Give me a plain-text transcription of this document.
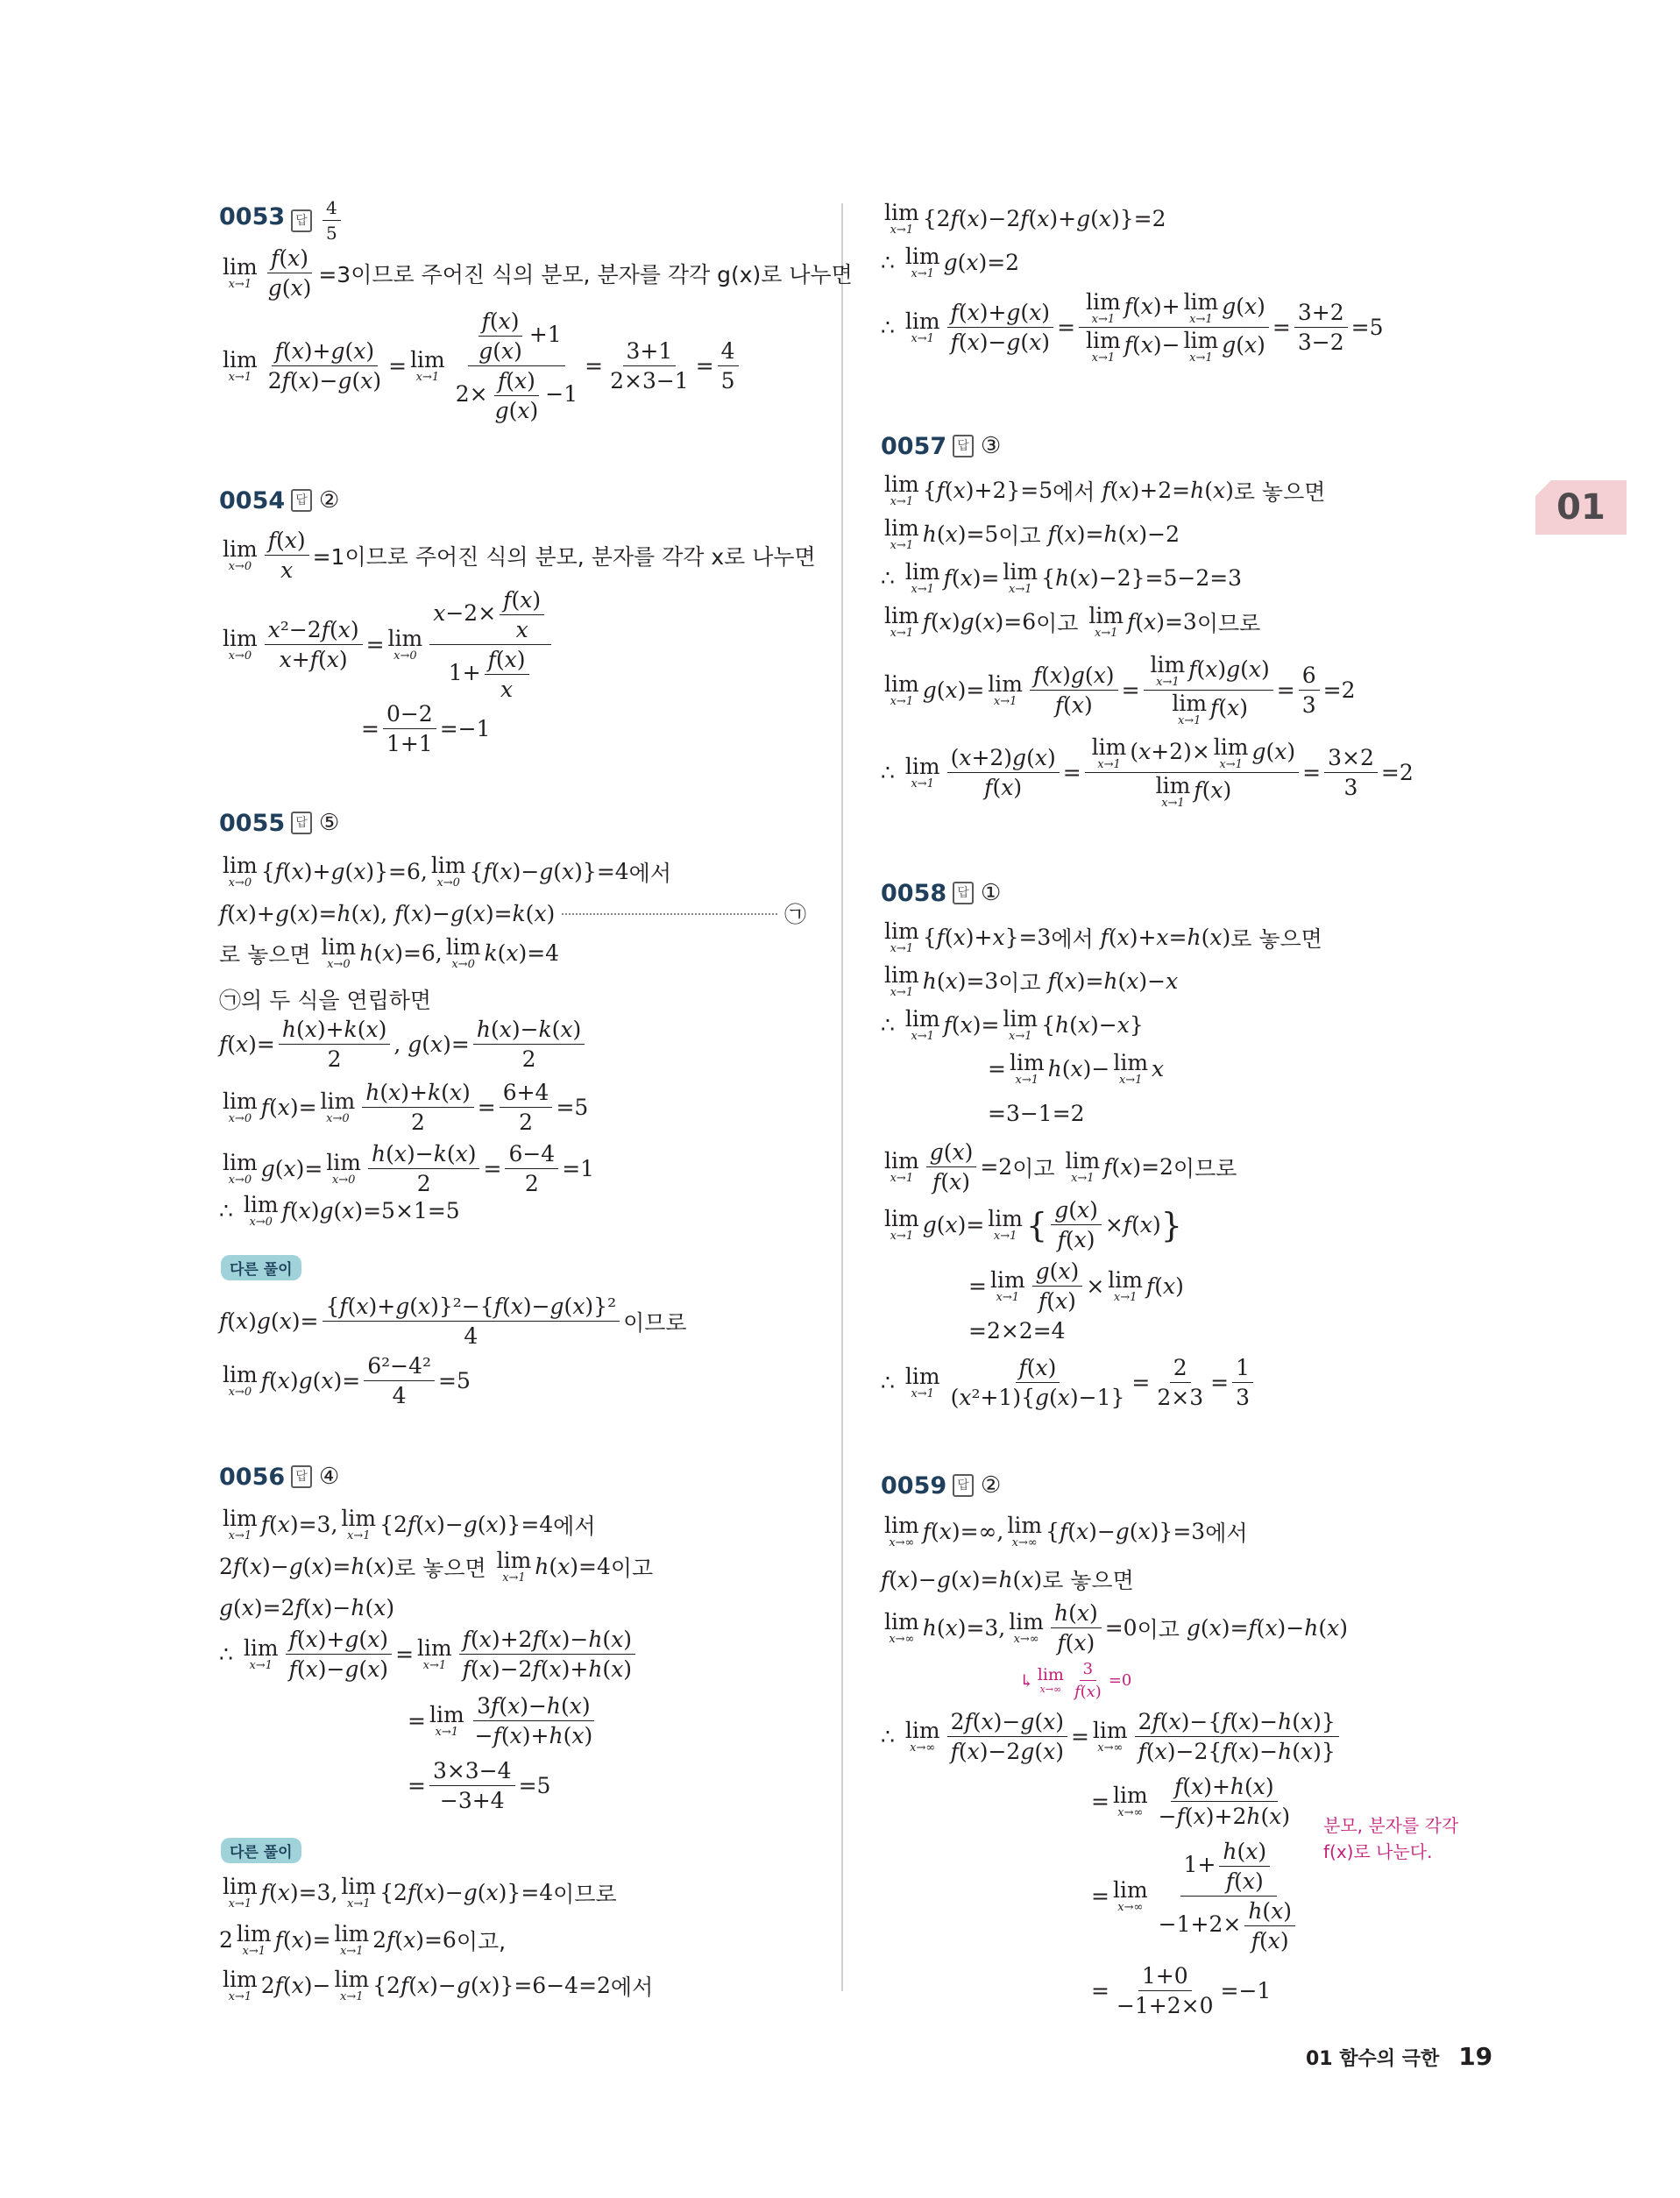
0053 답 $\frac{4}{5}$
lim
$x\to 1 \frac{f(x)}{g(x)} =3$이므로 주어진 식의 분모, 분자를 각각 g(x)로 나누면
lim
$x\to 1 \frac{f(x)+g(x)}{2f(x)-g(x)} = \lim$
$x\to 1 \frac{\frac{f(x)}{g(x)} +1}{2\times \frac{f(x)}{g(x)} -1} = \frac{3+1}{2\times 3-1} = \frac{4}{5}$
0054 답 ②
lim
$x\to 0 \frac{f(x)}{x} =1$이므로 주어진 식의 분모, 분자를 각각 x로 나누면
lim
$x\to 0 \frac{\text{x²−2f(x)}}{x+f(x)} = \lim$
$x\to 0 \frac{x-2\times \frac{f(x)}{x}}{1+ \frac{f(x)}{x}}$
= $\frac{0-2}{1+1} =-1$
0055 답 ⑤
lim
x→0 { f ( x )+ g ( x )}=6, lim
x→0 { f ( x )− g ( x )}=4 에서
f ( x )+ g ( x )= h ( x ), f ( x )− g ( x )= k ( x )	㉠
로 놓으면 lim
x→0 h ( x )=6, lim
x→0 k ( x )=4
㉠의 두 식을 연립하면
f ( x )= $\frac{h(x)+k(x)}{2}$ , g ( x )= $\frac{h(x)-k(x)}{2}$
lim
x→0 f ( x )= lim
$x\to 0 \frac{h(x)+k(x)}{2} = \frac{6+4}{2} =5$
lim
x→0 g ( x )= lim
$x\to 0 \frac{h(x)-k(x)}{2} = \frac{6-4}{2} =1$
∴ lim
x→0 f ( x ) g ( x )=5×1=5
다른 풀이
f ( x ) g ( x )= $\frac{\text{\{f(x)+g(x)\}²−\{f(x)−g(x)\}²}}{4}$ 이므로
lim
x→0 f ( x ) g ( x )= $\frac{\text{6²−4²}}{4} =5$
0056 답 ④
lim
x→1 f ( x )=3, lim
x→1 {2 f ( x )− g ( x )}=4 에서
2 f ( x )− g ( x )= h ( x ) 로 놓으면 lim
x→1 h ( x )=4 이고
g ( x )=2 f ( x )− h ( x )
∴ lim
$x\to 1 \frac{f(x)+g(x)}{f(x)-g(x)} = \lim$
$x\to 1 \frac{f(x)+2f(x)-h(x)}{f(x)-2f(x)+h(x)}$
= lim
$x\to 1 \frac{3f(x)-h(x)}{-f(x)+h(x)}$
= $\frac{3\times 3-4}{-3+4} =5$
다른 풀이
lim
x→1 f ( x )=3, lim
x→1 {2 f ( x )− g ( x )}=4 이므로
2 lim
x→1 f ( x )= lim
x→1 2 f ( x )=6 이고,
lim
x→1 2 f ( x )− lim
x→1 {2 f ( x )− g ( x )}=6−4=2 에서
lim
x→1 {2 f ( x )−2 f ( x )+ g ( x )}=2
∴ lim
x→1 g ( x )=2
∴ lim
$x\to 1 \frac{f(x)+g(x)}{f(x)-g(x)} = \lim$
x→1
f(x)+ lim
x→1
g(x)
lim
x→1
f(x)− lim
x→1
$g(x) = \frac{3+2}{3-2} =5$
0057 답 ③
lim
x→1 { f ( x )+2}=5 에서 f ( x )+2= h ( x ) 로 놓으면
lim
x→1 h ( x )=5 이고 f ( x )= h ( x )−2
∴ lim
x→1 f ( x )= lim
x→1 { h ( x )−2}=5−2=3
lim
x→1 f ( x ) g ( x )=6 이고 lim
x→1 f ( x )=3 이므로
lim
x→1 g ( x )= lim
$x\to 1 \frac{f(x)g(x)}{f(x)} = \lim$
x→1
f(x)g(x)
lim
x→1
$f(x) = \frac{6}{3} =2$
∴ lim
$x\to 1 \frac{(x+2)g(x)}{f(x)} = \lim$
x→1
(x+2)× lim
x→1
g(x)
lim
x→1
$f(x) = \frac{3\times 2}{3} =2$
0058 답 ①
lim
x→1 { f ( x )+ x }=3 에서 f ( x )+ x = h ( x ) 로 놓으면
lim
x→1 h ( x )=3 이고 f ( x )= h ( x )− x
∴ lim
x→1 f ( x )= lim
x→1 { h ( x )− x }
= lim
x→1 h ( x )− lim
x→1 x
=3−1=2
lim
$x\to 1 \frac{g(x)}{f(x)} =2$ 이고 lim
x→1 f ( x )=2 이므로
lim
x→1 g ( x )= lim
x→1 { $\frac{g(x)}{f(x)} \times f$ ( x ) }
= lim
$x\to 1 \frac{g(x)}{f(x)} \times \lim$
x→1 f ( x )
=2×2=4
∴ lim
$x\to 1 \frac{f(x)}{\text{(x²+1)\{g(x)−1\}}} = \frac{2}{2\times 3} = \frac{1}{3}$
0059 답 ②
lim
x→∞ f ( x )=∞, lim
x→∞ { f ( x )− g ( x )}=3 에서
f ( x )− g ( x )= h ( x ) 로 놓으면
lim
x→∞ h ( x )=3, lim
$x\to\infty \frac{h(x)}{f(x)} =0$ 이고 g ( x )= f ( x )− h ( x )
↳ lim
$x\to\infty \frac{3}{f(x)} =0$
∴ lim
$x\to\infty \frac{2f(x)-g(x)}{f(x)-2g(x)} = \lim$
$x\to\infty \frac{2f(x)-\{f(x)-h(x)\}}{f(x)-2\{f(x)-h(x)\}}$
= lim
$x\to\infty \frac{f(x)+h(x)}{-f(x)+2h(x)}$
= lim
$x\to\infty \frac{1+ \frac{h(x)}{f(x)}}{-1+2\times \frac{h(x)}{f(x)}}$
= $\frac{1+0}{-1+2\times 0} =-1$
분모, 분자를 각각 f(x)로 나눈다.
01
01 함수의 극한 19
